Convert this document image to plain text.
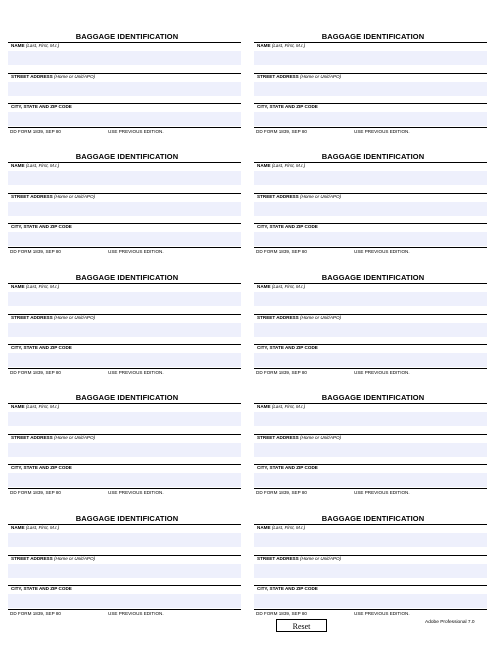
BAGGAGE IDENTIFICATION
NAME (Last, First, M.I.)
STREET ADDRESS (Home or Unit/APO)
CITY, STATE AND ZIP CODE
DD FORM 1839, SEP 80	USE PREVIOUS EDITION.
BAGGAGE IDENTIFICATION
NAME (Last, First, M.I.)
STREET ADDRESS (Home or Unit/APO)
CITY, STATE AND ZIP CODE
DD FORM 1839, SEP 80	USE PREVIOUS EDITION.
BAGGAGE IDENTIFICATION
NAME (Last, First, M.I.)
STREET ADDRESS (Home or Unit/APO)
CITY, STATE AND ZIP CODE
DD FORM 1839, SEP 80	USE PREVIOUS EDITION.
BAGGAGE IDENTIFICATION
NAME (Last, First, M.I.)
STREET ADDRESS (Home or Unit/APO)
CITY, STATE AND ZIP CODE
DD FORM 1839, SEP 80	USE PREVIOUS EDITION.
BAGGAGE IDENTIFICATION
NAME (Last, First, M.I.)
STREET ADDRESS (Home or Unit/APO)
CITY, STATE AND ZIP CODE
DD FORM 1839, SEP 80	USE PREVIOUS EDITION.
BAGGAGE IDENTIFICATION
NAME (Last, First, M.I.)
STREET ADDRESS (Home or Unit/APO)
CITY, STATE AND ZIP CODE
DD FORM 1839, SEP 80	USE PREVIOUS EDITION.
BAGGAGE IDENTIFICATION
NAME (Last, First, M.I.)
STREET ADDRESS (Home or Unit/APO)
CITY, STATE AND ZIP CODE
DD FORM 1839, SEP 80	USE PREVIOUS EDITION.
BAGGAGE IDENTIFICATION
NAME (Last, First, M.I.)
STREET ADDRESS (Home or Unit/APO)
CITY, STATE AND ZIP CODE
DD FORM 1839, SEP 80	USE PREVIOUS EDITION.
BAGGAGE IDENTIFICATION
NAME (Last, First, M.I.)
STREET ADDRESS (Home or Unit/APO)
CITY, STATE AND ZIP CODE
DD FORM 1839, SEP 80	USE PREVIOUS EDITION.
BAGGAGE IDENTIFICATION
NAME (Last, First, M.I.)
STREET ADDRESS (Home or Unit/APO)
CITY, STATE AND ZIP CODE
DD FORM 1839, SEP 80	USE PREVIOUS EDITION.
Reset	Adobe Professional 7.0
